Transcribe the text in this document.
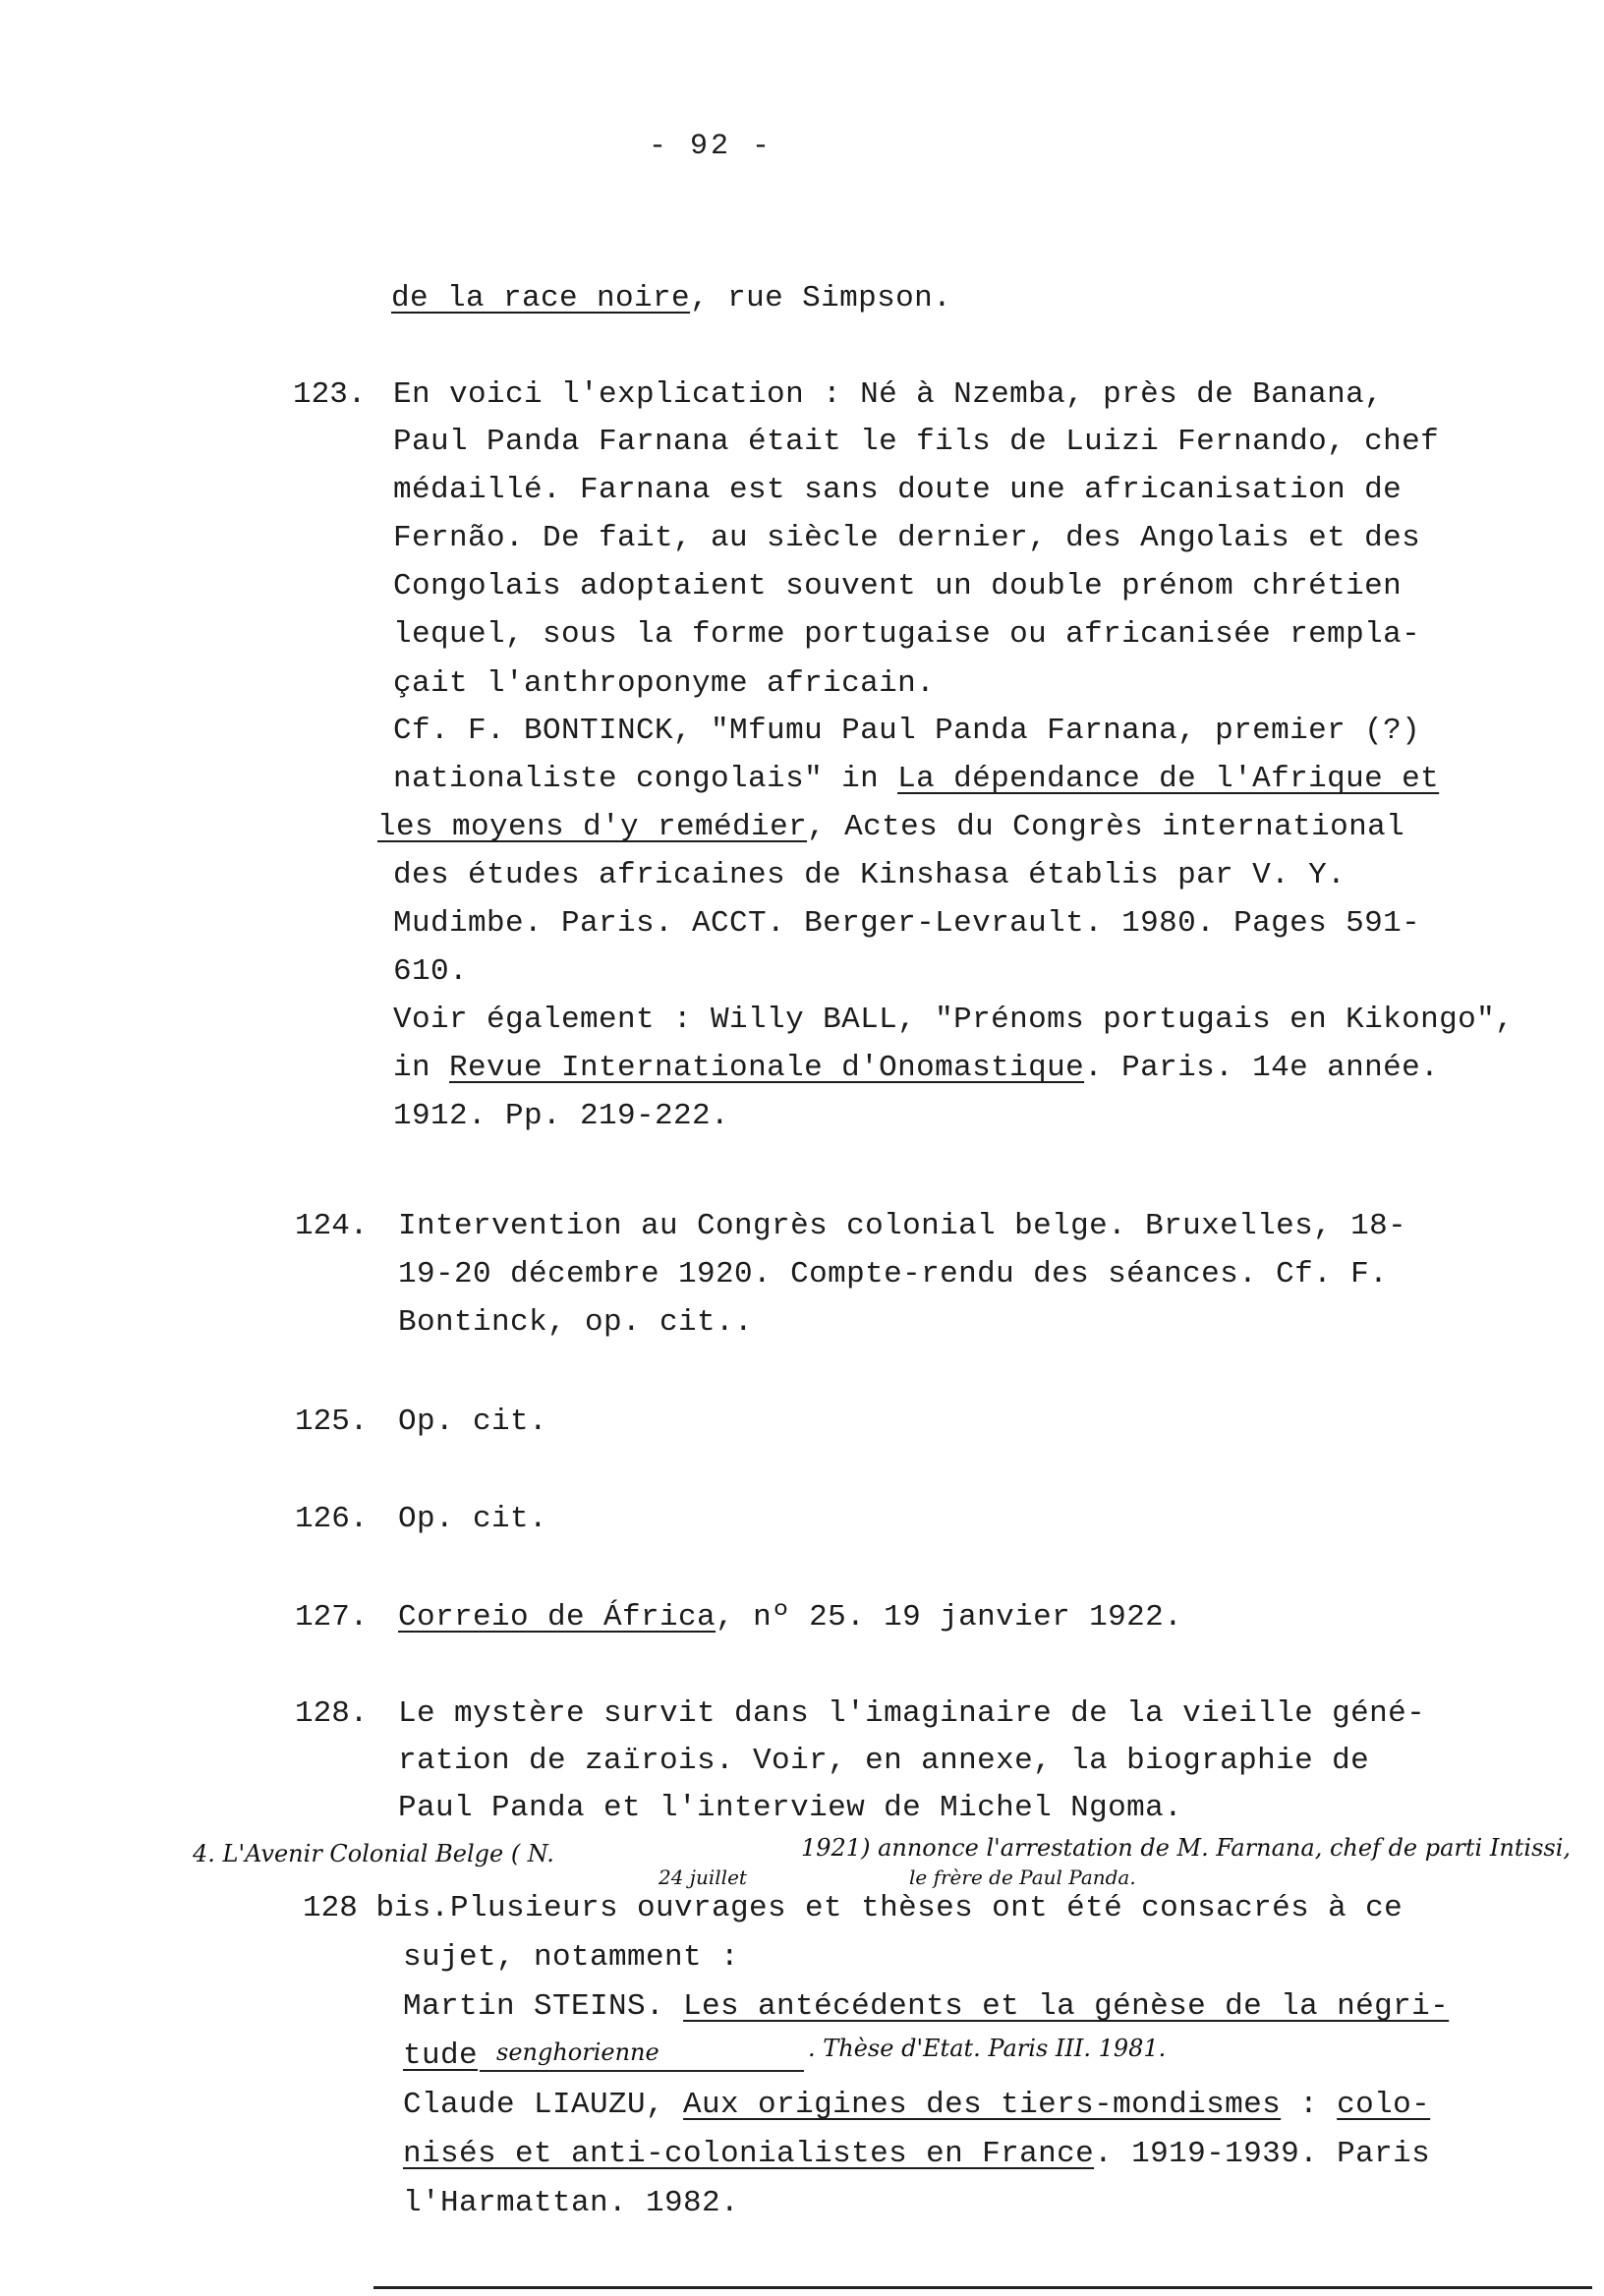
- 92 -
de la race noire, rue Simpson.
123. En voici l'explication : Né à Nzemba, près de Banana,
Paul Panda Farnana était le fils de Luizi Fernando, chef
médaillé. Farnana est sans doute une africanisation de
Fernão. De fait, au siècle dernier, des Angolais et des
Congolais adoptaient souvent un double prénom chrétien
lequel, sous la forme portugaise ou africanisée rempla-
çait l'anthroponyme africain.
Cf. F. BONTINCK, "Mfumu Paul Panda Farnana, premier (?)
nationaliste congolais" in La dépendance de l'Afrique et
les moyens d'y remédier, Actes du Congrès international
des études africaines de Kinshasa établis par V. Y.
Mudimbe. Paris. ACCT. Berger-Levrault. 1980. Pages 591-
610.
Voir également : Willy BALL, "Prénoms portugais en Kikongo",
in Revue Internationale d'Onomastique. Paris. 14e année.
1912. Pp. 219-222.
124. Intervention au Congrès colonial belge. Bruxelles, 18-
19-20 décembre 1920. Compte-rendu des séances. Cf. F.
Bontinck, op. cit..
125. Op. cit.
126. Op. cit.
127. Correio de África, nº 25. 19 janvier 1922.
128. Le mystère survit dans l'imaginaire de la vieille géné-
ration de zaïrois. Voir, en annexe, la biographie de
Paul Panda et l'interview de Michel Ngoma.
4. L'Avenir Colonial Belge ( N.	1921) annonce l'arrestation de M. Farnana, chef de parti Intissi,
24 juillet	le frère de Paul Panda.
128 bis. Plusieurs ouvrages et thèses ont été consacrés à ce
sujet, notamment :
Martin STEINS. Les antécédents et la génèse de la négri-
tude senghorienne	. Thèse d'Etat. Paris III. 1981.
Claude LIAUZU, Aux origines des tiers-mondismes : colo-
nisés et anti-colonialistes en France. 1919-1939. Paris
l'Harmattan. 1982.
